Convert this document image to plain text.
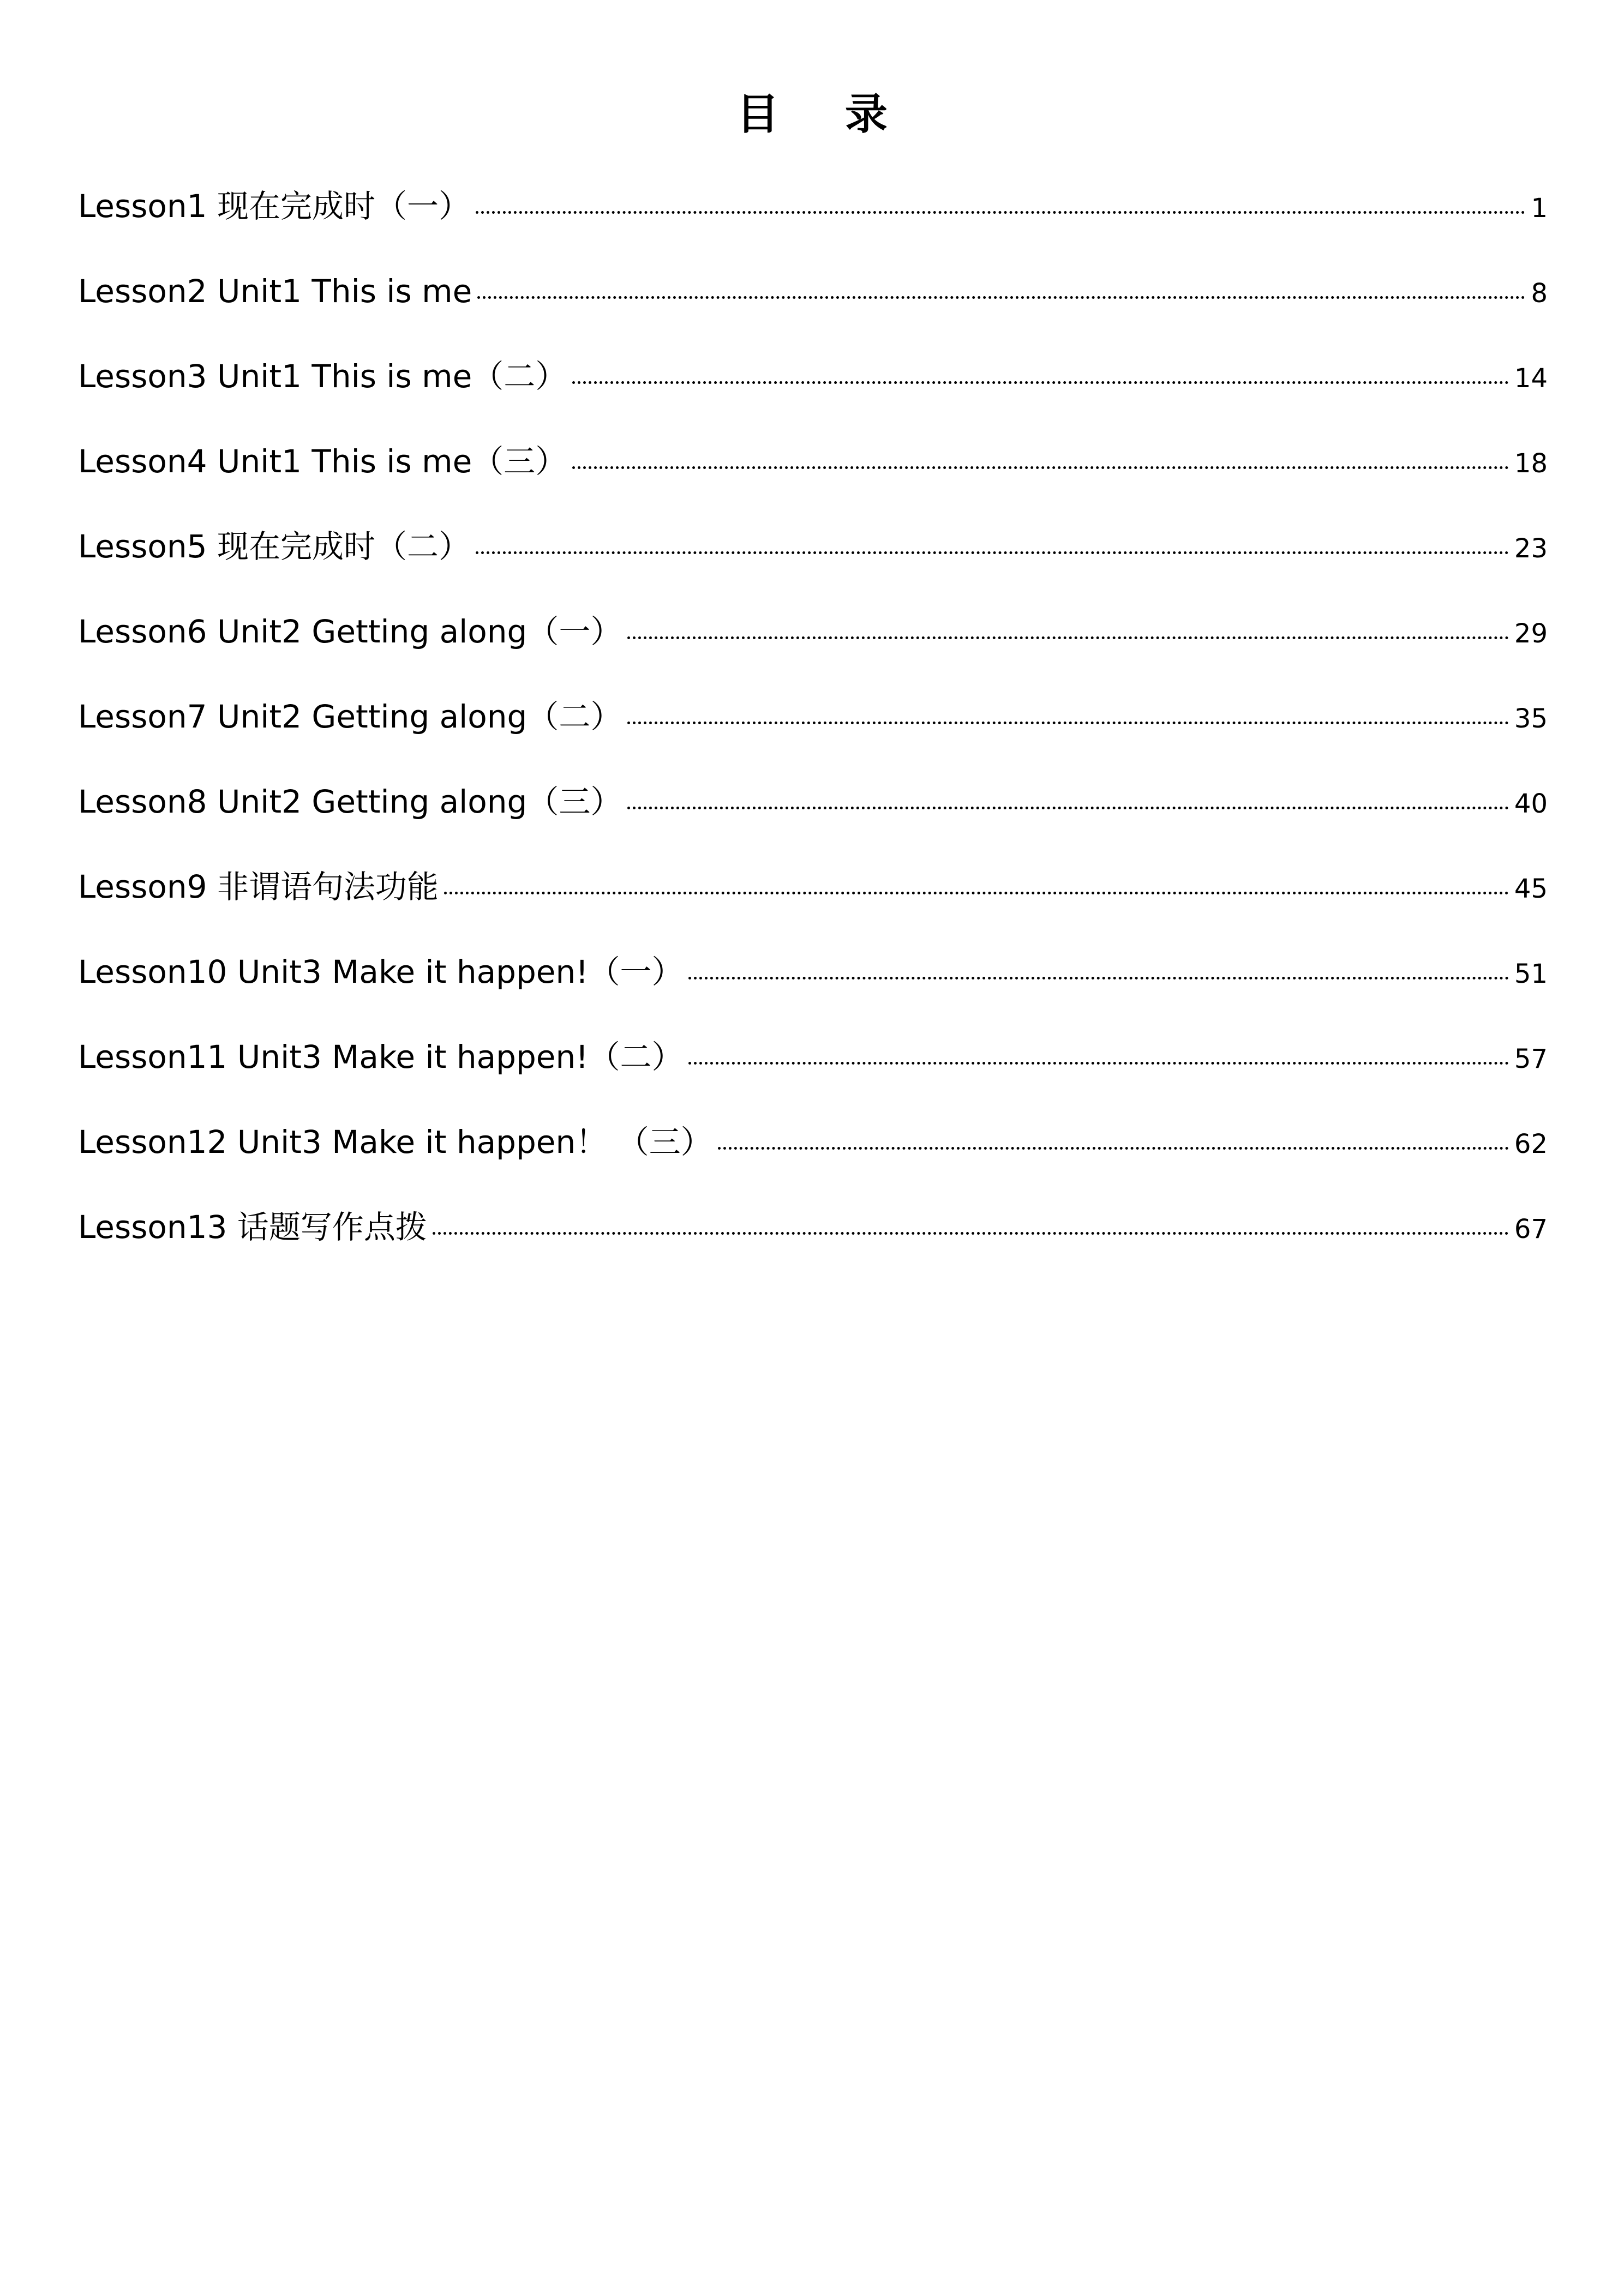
目 录
Lesson1 现在完成时（一）	1
Lesson2 Unit1 This is me	8
Lesson3 Unit1 This is me（二）	14
Lesson4 Unit1 This is me（三）	18
Lesson5 现在完成时（二）	23
Lesson6 Unit2 Getting along（一）	29
Lesson7 Unit2 Getting along（二）	35
Lesson8 Unit2 Getting along（三）	40
Lesson9 非谓语句法功能	45
Lesson10 Unit3 Make it happen!（一）	51
Lesson11 Unit3 Make it happen!（二）	57
Lesson12 Unit3 Make it happen！ （三）	62
Lesson13 话题写作点拨	67
